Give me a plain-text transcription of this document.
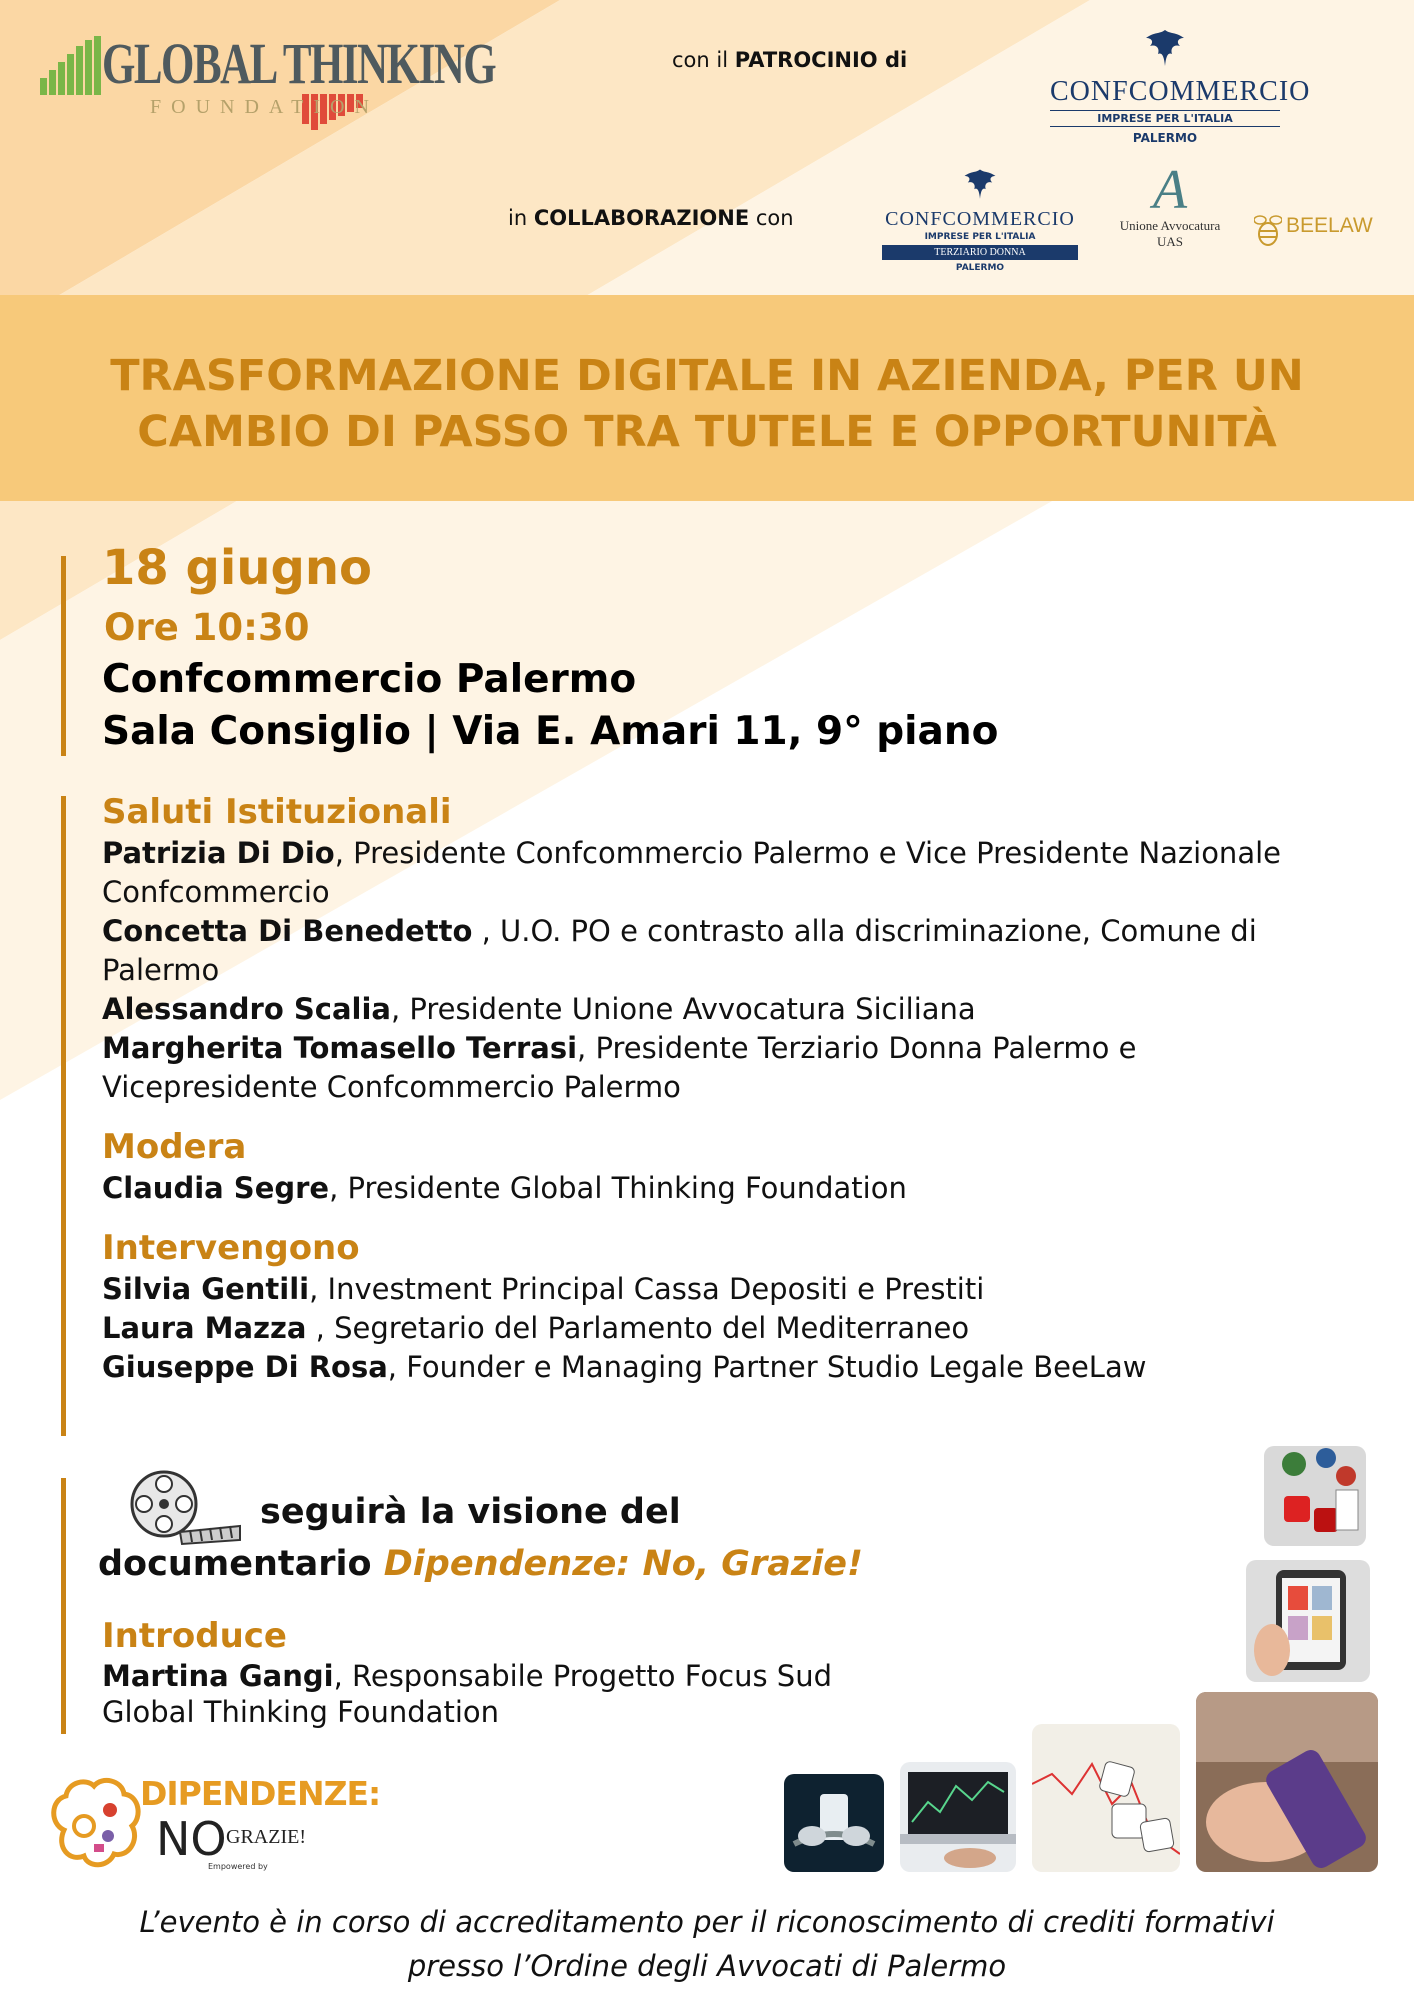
GLOBAL THINKING
FOUNDATION
con il PATROCINIO di
in COLLABORAZIONE con
CONFCOMMERCIO
IMPRESE PER L'ITALIA
PALERMO
CONFCOMMERCIO
IMPRESE PER L'ITALIA
TERZIARIO DONNA
PALERMO
A
Unione Avvocatura
UAS
BEELAW
TRASFORMAZIONE DIGITALE IN AZIENDA, PER UN
CAMBIO DI PASSO TRA TUTELE E OPPORTUNITÀ
18 giugno
Ore 10:30
Confcommercio Palermo
Sala Consiglio | Via E. Amari 11, 9° piano
Saluti Istituzionali
Patrizia Di Dio, Presidente Confcommercio Palermo e Vice Presidente Nazionale Confcommercio
Concetta Di Benedetto , U.O. PO e contrasto alla discriminazione, Comune di Palermo
Alessandro Scalia, Presidente Unione Avvocatura Siciliana
Margherita Tomasello Terrasi, Presidente Terziario Donna Palermo e Vicepresidente Confcommercio Palermo
Modera
Claudia Segre, Presidente Global Thinking Foundation
Intervengono
Silvia Gentili, Investment Principal Cassa Depositi e Prestiti
Laura Mazza , Segretario del Parlamento del Mediterraneo
Giuseppe Di Rosa, Founder e Managing Partner Studio Legale BeeLaw
seguirà la visione del
documentario Dipendenze: No, Grazie!
Introduce
Martina Gangi, Responsabile Progetto Focus Sud
Global Thinking Foundation
DIPENDENZE:
NO GRAZIE!
Empowered by
L’evento è in corso di accreditamento per il riconoscimento di crediti formativi
presso l’Ordine degli Avvocati di Palermo
